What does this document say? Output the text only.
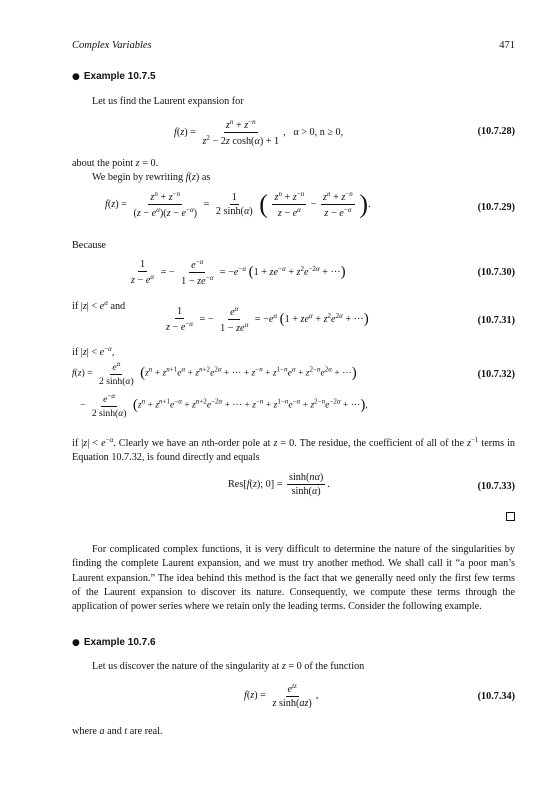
Complex Variables	471
● Example 10.7.5
Let us find the Laurent expansion for
$f(z) = \frac{z^n + z^{-n}}{z^2 - 2z \cosh(\alpha) + 1}$ ,   α > 0, n ≥ 0,	(10.7.28)
about the point z = 0.
We begin by rewriting f(z) as
$f(z) = \frac{z^n + z^{-n}}{(z - e^\alpha)(z - e^{-\alpha})} = \frac{1}{2 \sinh(\alpha)}$ ( $\frac{z^n + z^{-n}}{z - e^\alpha} - \frac{z^n + z^{-n}}{z - e^{-\alpha}}$ ).	(10.7.29)
Because
$\frac{1}{z - e^\alpha}$ = − $\frac{e^{-\alpha}}{1 - ze^{-\alpha}} = -e^{-\alpha}$ ($1 + ze^{-\alpha} + z^2e^{-2\alpha}$ + ···)	(10.7.30)
if $|z| < e^\alpha$ and	$\frac{1}{z - e^{-\alpha}}$ = − $\frac{e^\alpha}{1 - ze^\alpha} = -e^\alpha$ ($1 + ze^\alpha + z^2e^{2\alpha}$ + ···)	(10.7.31)
if $|z| < e^{-\alpha}$,
$f(z) = \frac{e^\alpha}{2 \sinh(\alpha)} (z^n + z^{n+1}e^\alpha + z^{n+2}e^{2\alpha}$ + ··· + $z^{-n} + z^{1-n}e^\alpha + z^{2-n}e^{2\alpha}$ + ···)	(10.7.32)
− $\frac{e^{-\alpha}}{2 \sinh(\alpha)} (z^n + z^{n+1}e^{-\alpha} + z^{n+2}e^{-2\alpha}$ + ··· + $z^{-n} + z^{1-n}e^{-\alpha} + z^{2-n}e^{-2\alpha}$ + ···),
if $|z| < e^{-\alpha}$. Clearly we have an nth-order pole at z = 0. The residue, the coefficient of all of the $z^{-1}$ terms in Equation 10.7.32, is found directly and equals
Res[f(z); $0] = \frac{\sinh(n\alpha)}{\sinh(\alpha)}$ .	(10.7.33)
For complicated complex functions, it is very difficult to determine the nature of the singularities by finding the complete Laurent expansion, and we must try another method. We shall call it “a poor man’s Laurent expansion.” The idea behind this method is the fact that we generally need only the first few terms of the Laurent expansion to discover its nature. Consequently, we compute these terms through the application of power series where we retain only the leading terms. Consider the following example.
● Example 10.7.6
Let us discover the nature of the singularity at z = 0 of the function
$f(z) = \frac{e^{tz}}{\text{z sinh(az)}}$ ,	(10.7.34)
where a and t are real.
